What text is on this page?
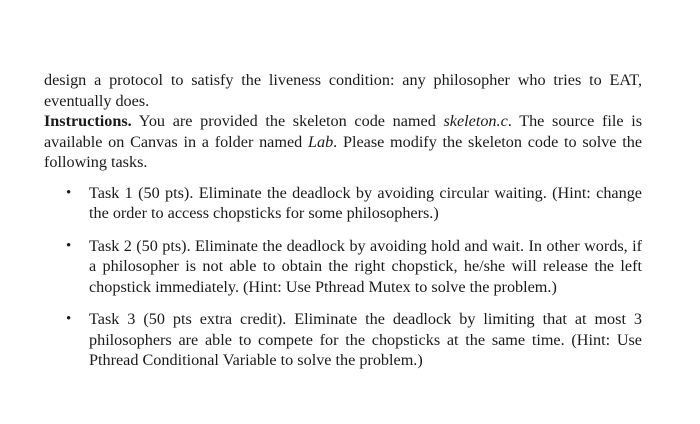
design a protocol to satisfy the liveness condition: any philosopher who tries to EAT, eventually does.

Instructions. You are provided the skeleton code named skeleton.c. The source file is available on Canvas in a folder named Lab. Please modify the skeleton code to solve the following tasks.

• Task 1 (50 pts). Eliminate the deadlock by avoiding circular waiting. (Hint: change the order to access chopsticks for some philosophers.)
• Task 2 (50 pts). Eliminate the deadlock by avoiding hold and wait. In other words, if a philosopher is not able to obtain the right chopstick, he/she will release the left chopstick immediately. (Hint: Use Pthread Mutex to solve the problem.)
• Task 3 (50 pts extra credit). Eliminate the deadlock by limiting that at most 3 philosophers are able to compete for the chopsticks at the same time. (Hint: Use Pthread Conditional Variable to solve the problem.)
